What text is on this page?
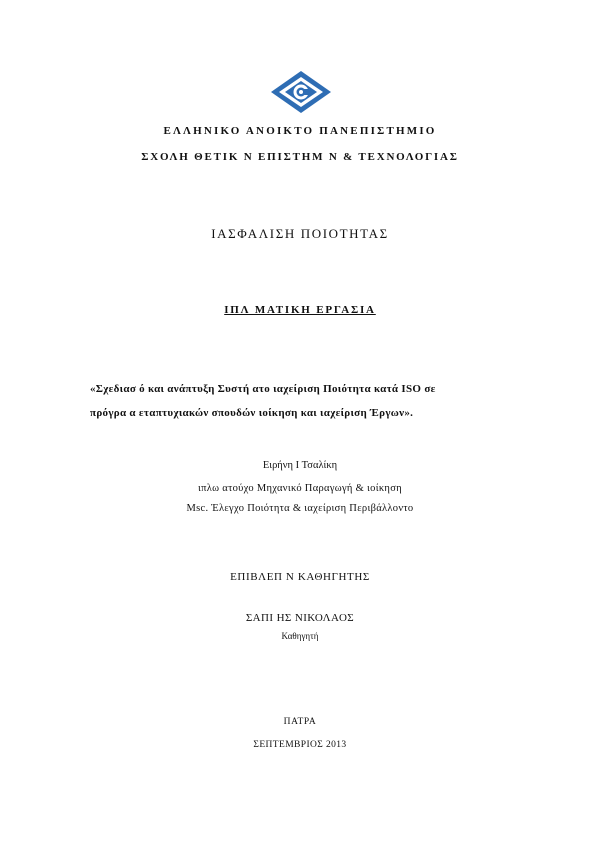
ΕΛΛΗΝΙΚΟ ΑΝΟΙΚΤΟ ΠΑΝΕΠΙΣΤΗΜΙΟ
ΣΧΟΛΗ ΘΕΤΙΚ Ν ΕΠΙΣΤΗΜ Ν & ΤΕΧΝΟΛΟΓΙΑΣ
ΙΑΣΦΑΛΙΣΗ ΠΟΙΟΤΗΤΑΣ
ΙΠΛ ΜΑΤΙΚΗ ΕΡΓΑΣΙΑ
«Σχεδιασ ό και ανάπτυξη Συστή ατο ιαχείριση Ποιότητα κατά ISO σε
πρόγρα α εταπτυχιακών σπουδών ιοίκηση και ιαχείριση Έργων».
Ειρήνη Ι Τσαλίκη
ιπλω ατούχο Μηχανικό Παραγωγή & ιοίκηση
Msc. Έλεγχο Ποιότητα & ιαχείριση Περιβάλλοντο
ΕΠΙΒΛΕΠ Ν ΚΑΘΗΓΗΤΗΣ
ΣΑΠΙ ΗΣ ΝΙΚΟΛΑΟΣ
Καθηγητή
ΠΑΤΡΑ
ΣΕΠΤΕΜΒΡΙΟΣ 2013
